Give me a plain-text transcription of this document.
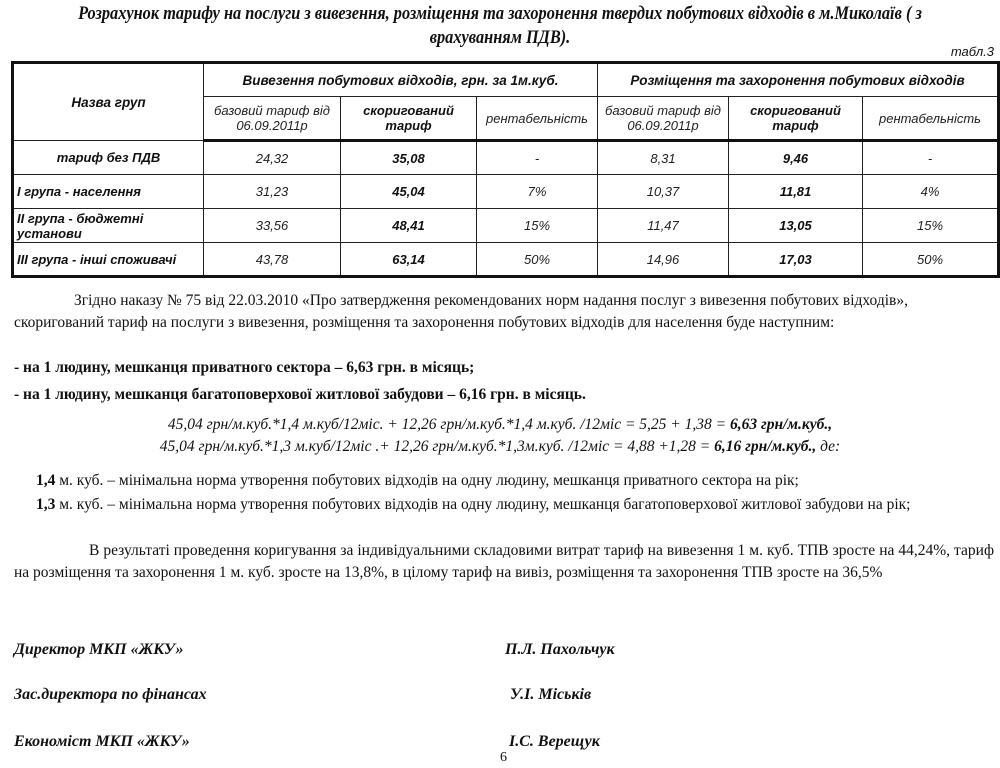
Розрахунок тарифу на послуги з вивезення, розміщення та захоронення твердих побутових відходів в м.Миколаїв ( з врахуванням ПДВ).
табл.3
Назва груп	Вивезення побутових відходів, грн. за 1м.куб.			Розміщення та захоронення побутових відходів		
	базовий тариф від 06.09.2011р	скоригований тариф	рентабельність	базовий тариф від 06.09.2011р	скоригований тариф	рентабельність
тариф без ПДВ	24,32	35,08	-	8,31	9,46	-
І група - населення	31,23	45,04	7%	10,37	11,81	4%
ІІ група - бюджетні установи	33,56	48,41	15%	11,47	13,05	15%
ІІІ група - інші споживачі	43,78	63,14	50%	14,96	17,03	50%
Згідно наказу № 75 від 22.03.2010 «Про затвердження рекомендованих норм надання послуг з вивезення побутових відходів», скоригований тариф на послуги з вивезення, розміщення та захоронення побутових відходів для населення буде наступним:
- на 1 людину, мешканця приватного сектора – 6,63 грн. в місяць;
- на 1 людину, мешканця багатоповерхової житлової забудови – 6,16 грн. в місяць.
45,04 грн/м.куб.*1,4 м.куб/12міс. + 12,26 грн/м.куб.*1,4 м.куб. /12міс = 5,25 + 1,38 = 6,63 грн/м.куб.,
45,04 грн/м.куб.*1,3 м.куб/12міс .+ 12,26 грн/м.куб.*1,3м.куб. /12міс = 4,88 +1,28 = 6,16 грн/м.куб., де:
1,4 м. куб. – мінімальна норма утворення побутових відходів на одну людину, мешканця приватного сектора на рік;
1,3 м. куб. – мінімальна норма утворення побутових відходів на одну людину, мешканця багатоповерхової житлової забудови на рік;
В результаті проведення коригування за індивідуальними складовими витрат тариф на вивезення 1 м. куб. ТПВ зросте на 44,24%, тариф на розміщення та захоронення 1 м. куб. зросте на 13,8%, в цілому тариф на вивіз, розміщення та захоронення ТПВ зросте на 36,5%
Директор МКП «ЖКУ»	П.Л. Пахольчук
Зас.директора по фінансах	У.І. Міськів
Економіст МКП «ЖКУ»	І.С. Верещук
6
